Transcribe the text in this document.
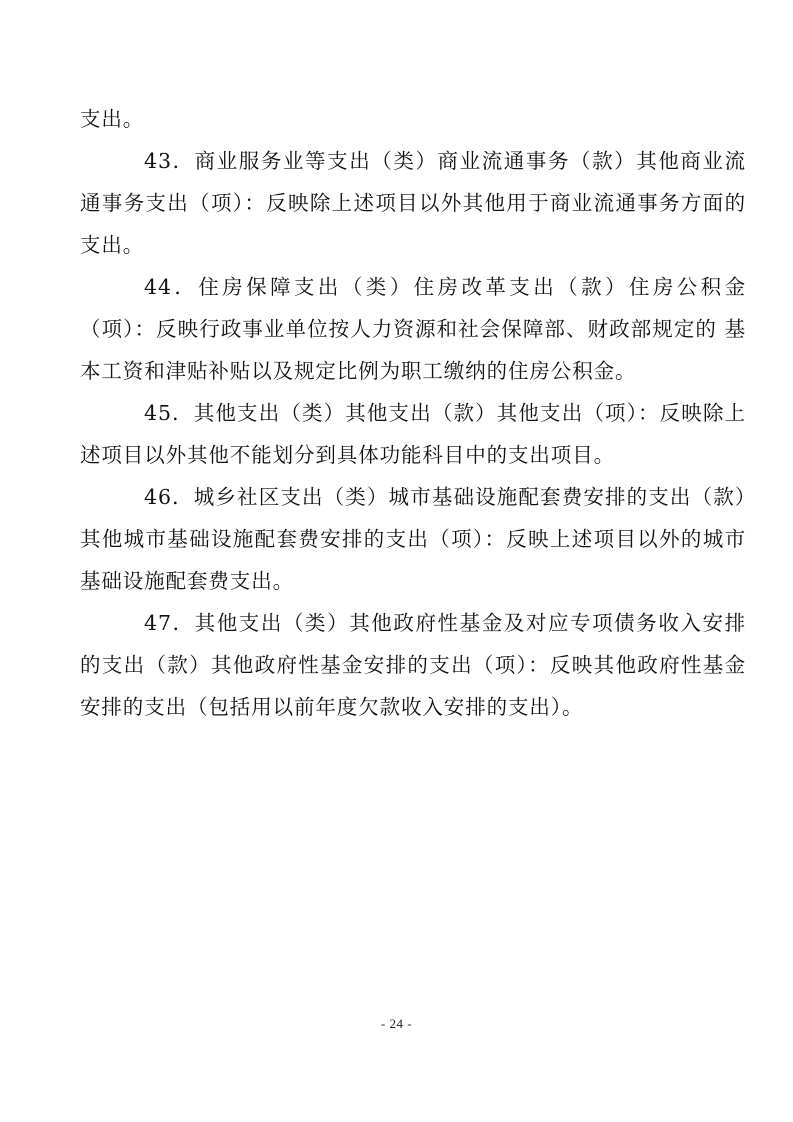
支出。

43．商业服务业等支出（类）商业流通事务（款）其他商业流通事务支出（项）：反映除上述项目以外其他用于商业流通事务方面的支出。

44．住房保障支出（类）住房改革支出（款）住房公积金（项）：反映行政事业单位按人力资源和社会保障部、财政部规定的 基本工资和津贴补贴以及规定比例为职工缴纳的住房公积金。

45．其他支出（类）其他支出（款）其他支出（项）：反映除上述项目以外其他不能划分到具体功能科目中的支出项目。

46．城乡社区支出（类）城市基础设施配套费安排的支出（款）其他城市基础设施配套费安排的支出（项）：反映上述项目以外的城市基础设施配套费支出。

47．其他支出（类）其他政府性基金及对应专项债务收入安排的支出（款）其他政府性基金安排的支出（项）：反映其他政府性基金安排的支出（包括用以前年度欠款收入安排的支出）。

- 24 -
